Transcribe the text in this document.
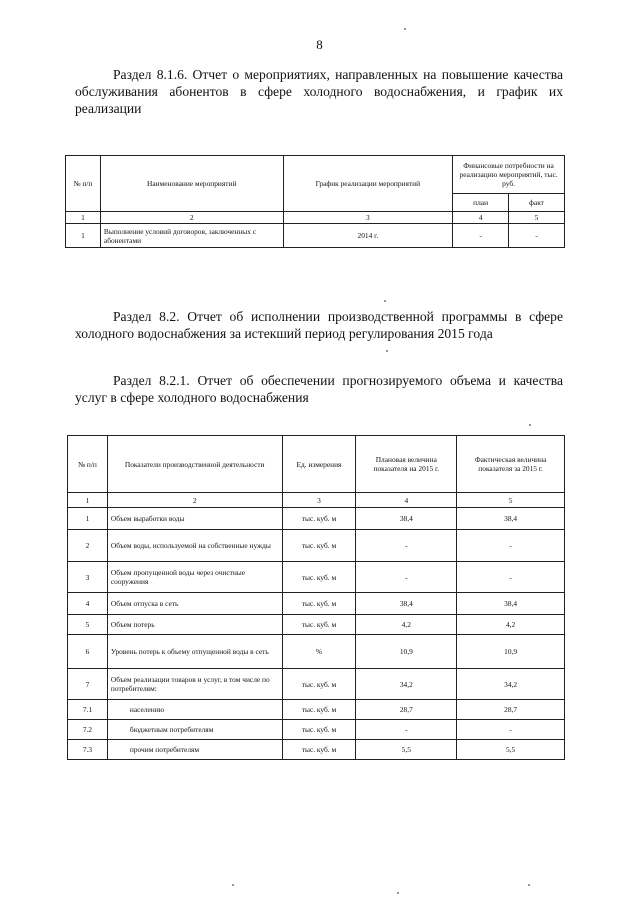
8
Раздел 8.1.6. Отчет о мероприятиях, направленных на повышение качества обслуживания абонентов в сфере холодного водоснабжения, и график их реализации
№ п/п	Наименование мероприятий	График реализации мероприятий	Финансовые потребности на реализацию мероприятий, тыс. руб.	
			план	факт
1	2	3	4	5
1	Выполнение условий договоров, заключенных с абонентами	2014 г.	-	-
Раздел 8.2. Отчет об исполнении производственной программы в сфере холодного водоснабжения за истекший период регулирования 2015 года
Раздел 8.2.1. Отчет об обеспечении прогнозируемого объема и качества услуг в сфере холодного водоснабжения
№ п/п	Показатели производственной деятельности	Ед. измерения	Плановая величина показателя на 2015 г.	Фактическая величина показателя за 2015 г.
1	2	3	4	5
1	Объем выработки воды	тыс. куб. м	38,4	38,4
2	Объем воды, используемой на собственные нужды	тыс. куб. м	-	-
3	Объем пропущенной воды через очистные сооружения	тыс. куб. м	-	-
4	Объем отпуска в сеть	тыс. куб. м	38,4	38,4
5	Объем потерь	тыс. куб. м	4,2	4,2
6	Уровень потерь к объему отпущенной воды в сеть	%	10,9	10,9
7	Объем реализации товаров и услуг, в том числе по потребителям:	тыс. куб. м	34,2	34,2
7.1	населению	тыс. куб. м	28,7	28,7
7.2	бюджетным потребителям	тыс. куб. м	-	-
7.3	прочим потребителям	тыс. куб. м	5,5	5,5
